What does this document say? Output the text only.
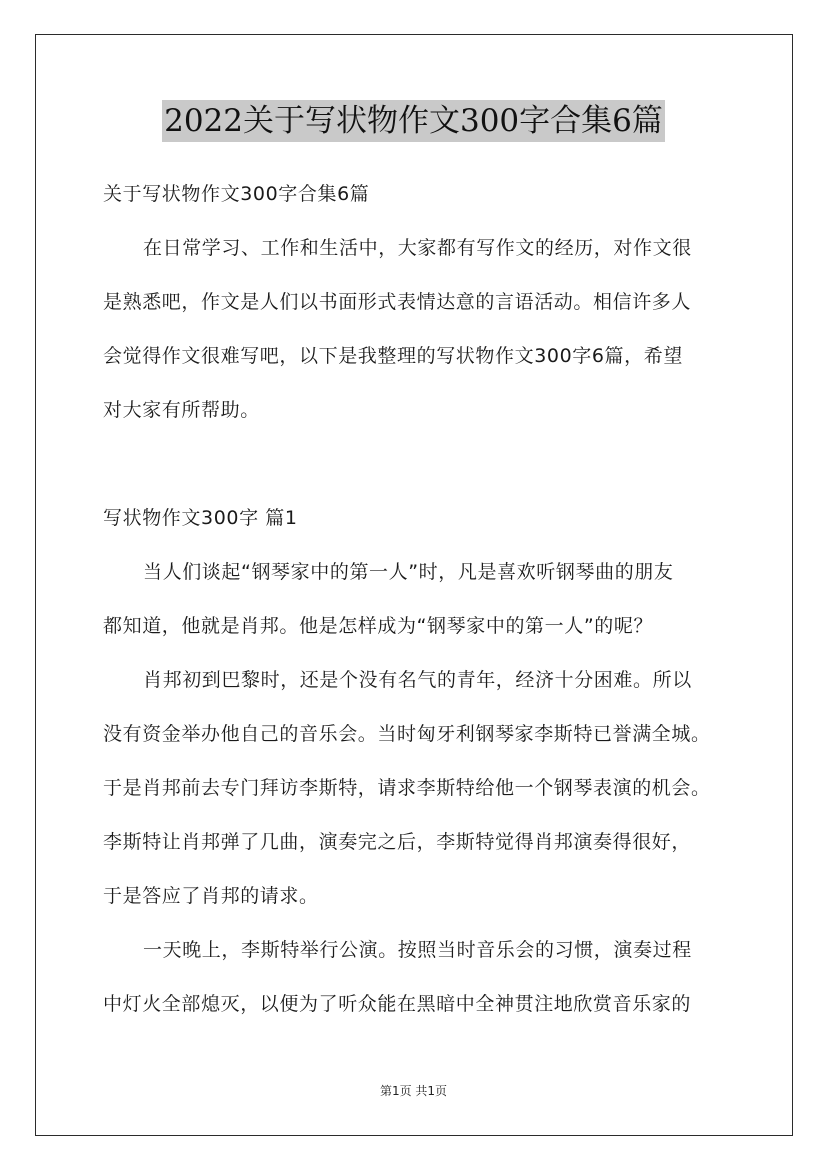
2022关于写状物作文300字合集6篇
关于写状物作文300字合集6篇
在日常学习、工作和生活中，大家都有写作文的经历，对作文很
是熟悉吧，作文是人们以书面形式表情达意的言语活动。相信许多人
会觉得作文很难写吧，以下是我整理的写状物作文300字6篇，希望
对大家有所帮助。
写状物作文300字 篇1
当人们谈起“钢琴家中的第一人”时，凡是喜欢听钢琴曲的朋友
都知道，他就是肖邦。他是怎样成为“钢琴家中的第一人”的呢？
肖邦初到巴黎时，还是个没有名气的青年，经济十分困难。所以
没有资金举办他自己的音乐会。当时匈牙利钢琴家李斯特已誉满全城。
于是肖邦前去专门拜访李斯特，请求李斯特给他一个钢琴表演的机会。
李斯特让肖邦弹了几曲，演奏完之后，李斯特觉得肖邦演奏得很好，
于是答应了肖邦的请求。
一天晚上，李斯特举行公演。按照当时音乐会的习惯，演奏过程
中灯火全部熄灭，以便为了听众能在黑暗中全神贯注地欣赏音乐家的
第1页 共1页
